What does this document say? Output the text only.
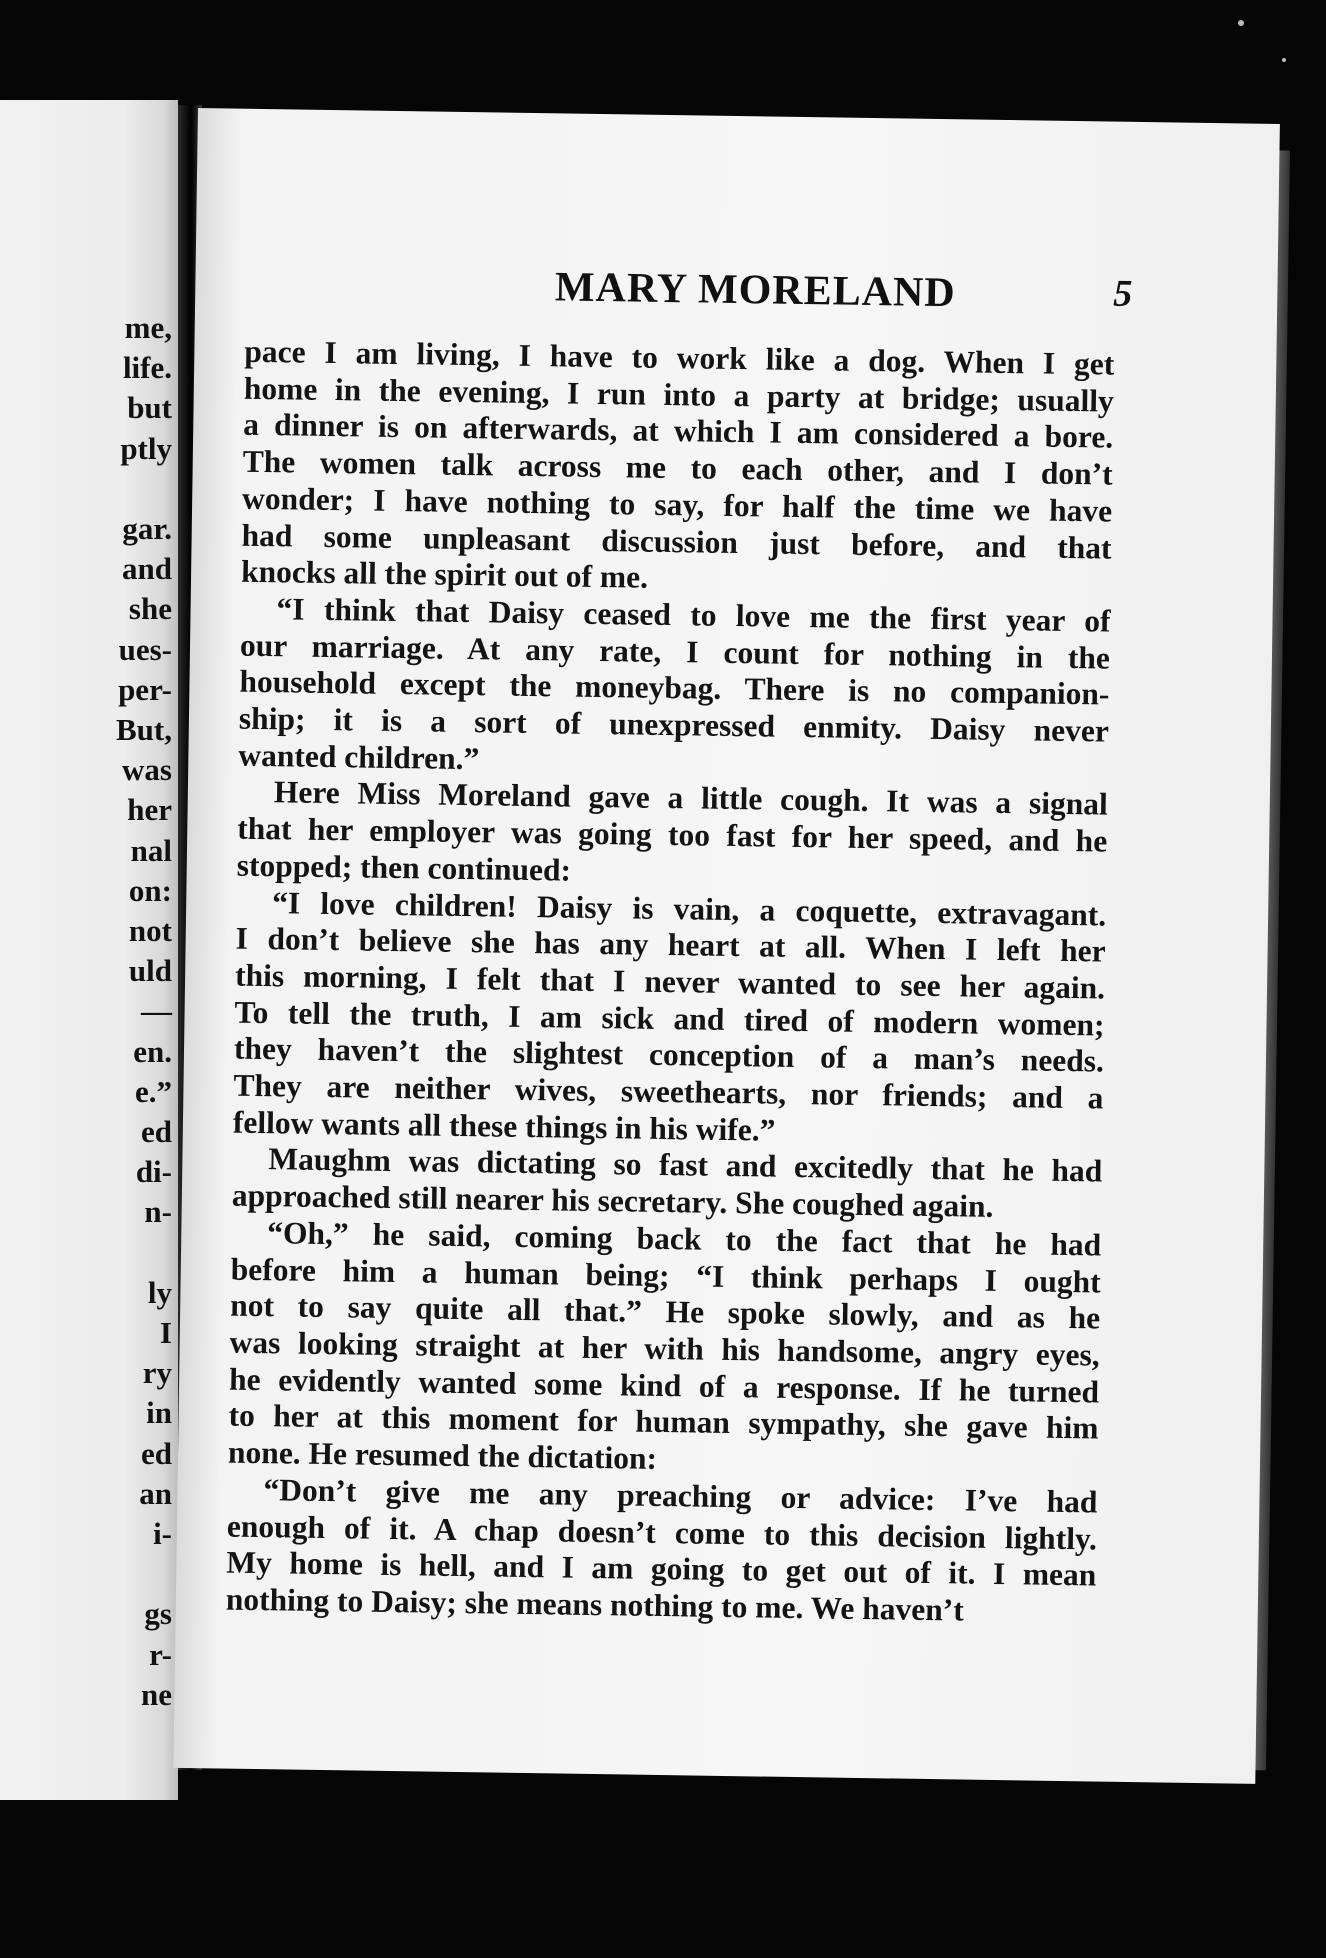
me,
life.
but
ptly
gar.
and
she
ues-
per-
But,
was
her
nal
on:
not
uld
—
en.
e.”
ed
di-
n-
ly
I
ry
in
ed
an
i-
gs
r-
ne
MARY MORELAND	5

pace I am living, I have to work like a dog. When I get
home in the evening, I run into a party at bridge; usually
a dinner is on afterwards, at which I am considered a bore.
The women talk across me to each other, and I don’t
wonder; I have nothing to say, for half the time we have
had some unpleasant discussion just before, and that
knocks all the spirit out of me.

“I think that Daisy ceased to love me the first year of
our marriage. At any rate, I count for nothing in the
household except the moneybag. There is no companion-
ship; it is a sort of unexpressed enmity. Daisy never
wanted children.”

Here Miss Moreland gave a little cough. It was a signal
that her employer was going too fast for her speed, and he
stopped; then continued:

“I love children! Daisy is vain, a coquette, extravagant.
I don’t believe she has any heart at all. When I left her
this morning, I felt that I never wanted to see her again.
To tell the truth, I am sick and tired of modern women;
they haven’t the slightest conception of a man’s needs.
They are neither wives, sweethearts, nor friends; and a
fellow wants all these things in his wife.”

Maughm was dictating so fast and excitedly that he had
approached still nearer his secretary. She coughed again.

“Oh,” he said, coming back to the fact that he had
before him a human being; “I think perhaps I ought
not to say quite all that.” He spoke slowly, and as he
was looking straight at her with his handsome, angry eyes,
he evidently wanted some kind of a response. If he turned
to her at this moment for human sympathy, she gave him
none. He resumed the dictation:

“Don’t give me any preaching or advice: I’ve had
enough of it. A chap doesn’t come to this decision lightly.
My home is hell, and I am going to get out of it. I mean
nothing to Daisy; she means nothing to me. We haven’t
